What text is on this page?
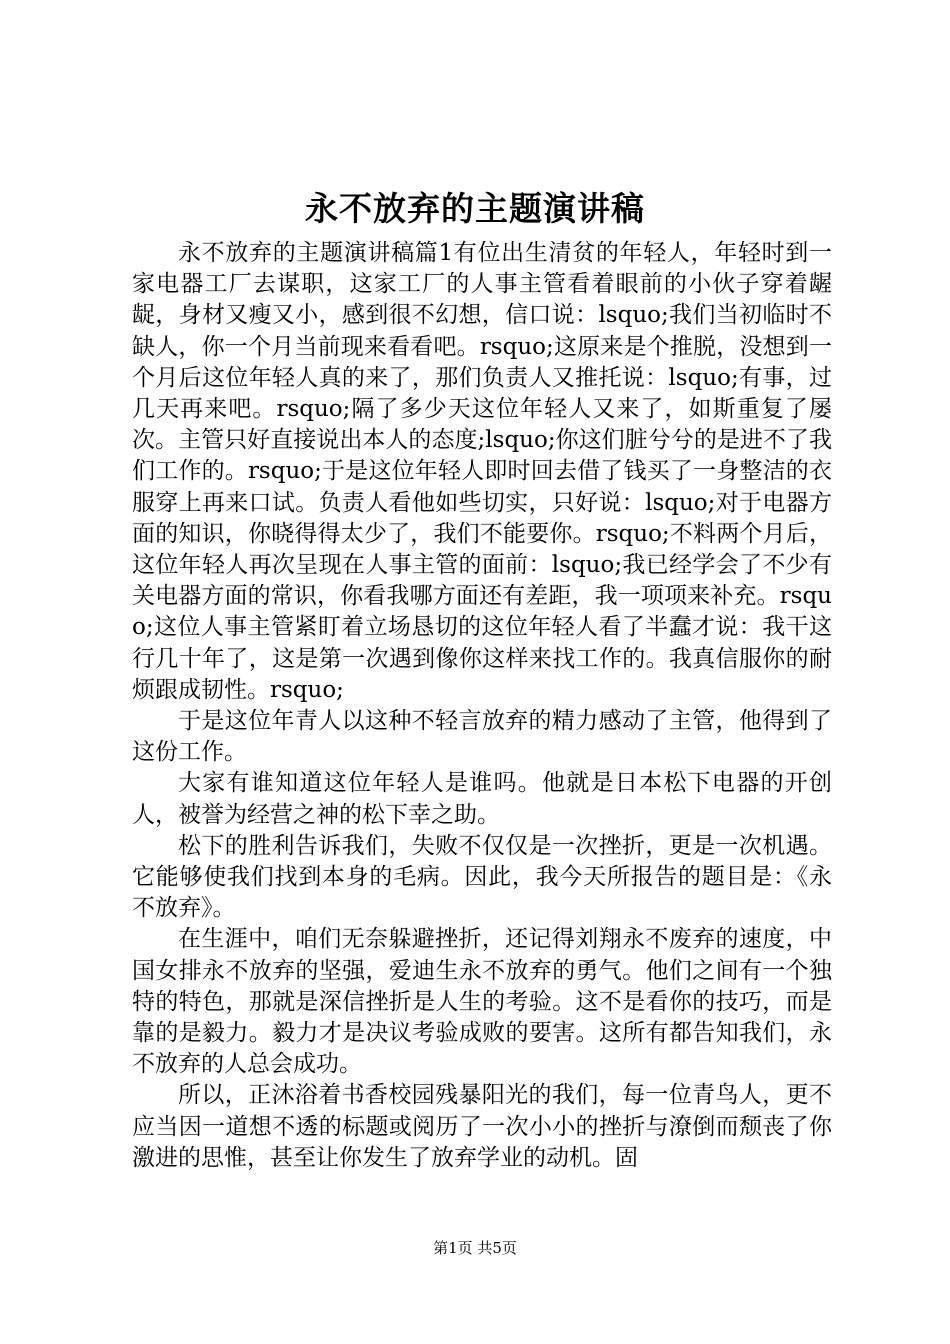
永不放弃的主题演讲稿

永不放弃的主题演讲稿篇1有位出生清贫的年轻人，年轻时到一家电器工厂去谋职，这家工厂的人事主管看着眼前的小伙子穿着龌龊，身材又瘦又小，感到很不幻想，信口说：lsquo;我们当初临时不缺人，你一个月当前现来看看吧。rsquo;这原来是个推脱，没想到一个月后这位年轻人真的来了，那们负责人又推托说：lsquo;有事，过几天再来吧。rsquo;隔了多少天这位年轻人又来了，如斯重复了屡次。主管只好直接说出本人的态度;lsquo;你这们脏兮兮的是进不了我们工作的。rsquo;于是这位年轻人即时回去借了钱买了一身整洁的衣服穿上再来口试。负责人看他如些切实，只好说：lsquo;对于电器方面的知识，你晓得得太少了，我们不能要你。rsquo;不料两个月后，这位年轻人再次呈现在人事主管的面前：lsquo;我已经学会了不少有关电器方面的常识，你看我哪方面还有差距，我一项项来补充。rsquo;这位人事主管紧盯着立场恳切的这位年轻人看了半蠢才说：我干这行几十年了，这是第一次遇到像你这样来找工作的。我真信服你的耐烦跟成韧性。rsquo;

于是这位年青人以这种不轻言放弃的精力感动了主管，他得到了这份工作。

大家有谁知道这位年轻人是谁吗。他就是日本松下电器的开创人，被誉为经营之神的松下幸之助。

松下的胜利告诉我们，失败不仅仅是一次挫折，更是一次机遇。它能够使我们找到本身的毛病。因此，我今天所报告的题目是：《永不放弃》。

在生涯中，咱们无奈躲避挫折，还记得刘翔永不废弃的速度，中国女排永不放弃的坚强，爱迪生永不放弃的勇气。他们之间有一个独特的特色，那就是深信挫折是人生的考验。这不是看你的技巧，而是靠的是毅力。毅力才是决议考验成败的要害。这所有都告知我们，永不放弃的人总会成功。

所以，正沐浴着书香校园残暴阳光的我们，每一位青鸟人，更不应当因一道想不透的标题或阅历了一次小小的挫折与潦倒而颓丧了你激进的思惟，甚至让你发生了放弃学业的动机。固

第1页 共5页
